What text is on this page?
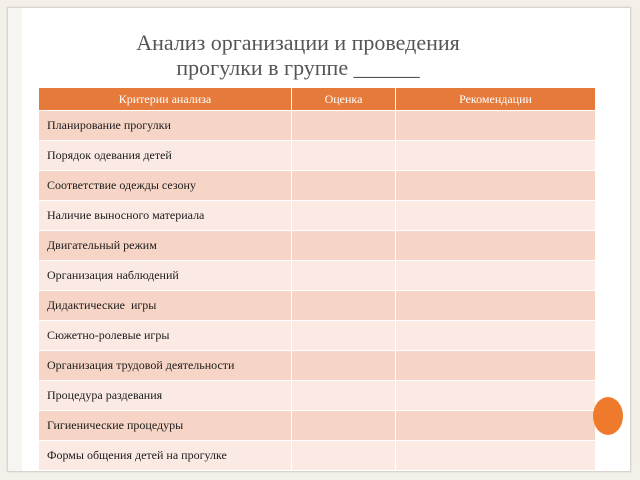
Анализ организации и проведения
прогулки в группе ______
Критерии анализа	Оценка	Рекомендации
Планирование прогулки		
Порядок одевания детей		
Соответствие одежды сезону		
Наличие выносного материала		
Двигательный режим		
Организация наблюдений		
Дидактические  игры		
Сюжетно-ролевые игры		
Организация трудовой деятельности		
Процедура раздевания		
Гигиенические процедуры		
Формы общения детей на прогулке		
